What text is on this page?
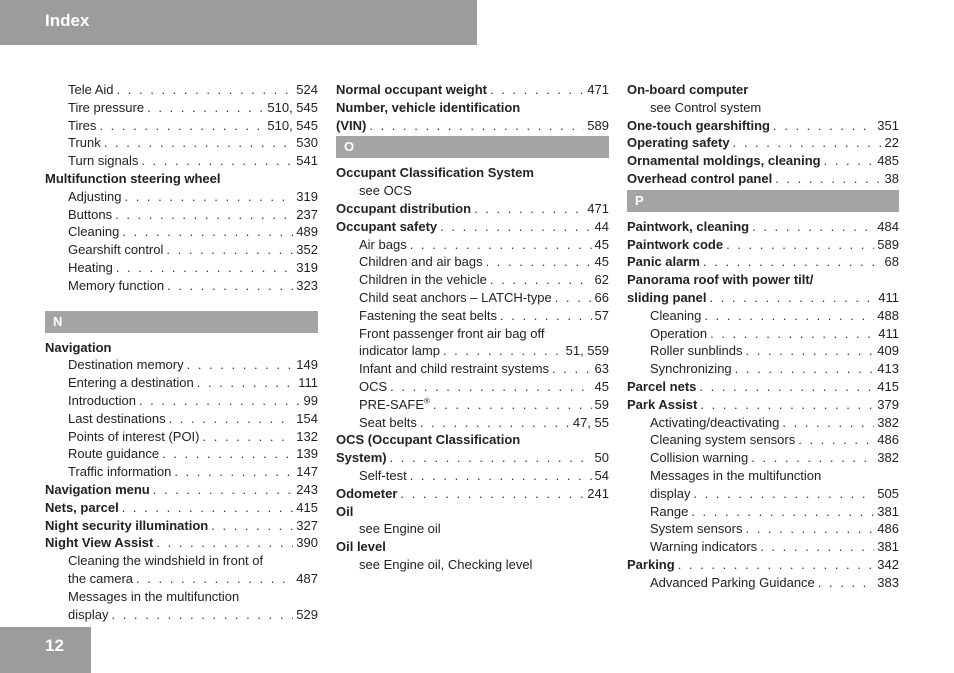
Index
Tele Aid . . .	524
Tire pressure . . .	510, 545
Tires . . .	510, 545
Trunk . . .	530
Turn signals . . .	541
Multifunction steering wheel
Adjusting . . .	319
Buttons . . .	237
Cleaning . . .	489
Gearshift control . . .	352
Heating . . .	319
Memory function . . .	323
N
Navigation
Destination memory . . .	149
Entering a destination . . .	111
Introduction . . .	99
Last destinations . . .	154
Points of interest (POI) . . .	132
Route guidance . . .	139
Traffic information . . .	147
Navigation menu . . .	243
Nets, parcel . . .	415
Night security illumination . . .	327
Night View Assist . . .	390
Cleaning the windshield in front of
the camera . . .	487
Messages in the multifunction
display . . .	529
Normal occupant weight . . .	471
Number, vehicle identification
(VIN) . . .	589
O
Occupant Classification System
see OCS
Occupant distribution . . .	471
Occupant safety . . .	44
Air bags . . .	45
Children and air bags . . .	45
Children in the vehicle . . .	62
Child seat anchors – LATCH-type . . .	66
Fastening the seat belts . . .	57
Front passenger front air bag off
indicator lamp . . .	51, 559
Infant and child restraint systems . . .	63
OCS . . .	45
PRE-SAFE® . . .	59
Seat belts . . .	47, 55
OCS (Occupant Classification
System) . . .	50
Self-test . . .	54
Odometer . . .	241
Oil
see Engine oil
Oil level
see Engine oil, Checking level
On-board computer
see Control system
One-touch gearshifting . . .	351
Operating safety . . .	22
Ornamental moldings, cleaning . . .	485
Overhead control panel . . .	38
P
Paintwork, cleaning . . .	484
Paintwork code . . .	589
Panic alarm . . .	68
Panorama roof with power tilt/
sliding panel . . .	411
Cleaning . . .	488
Operation . . .	411
Roller sunblinds . . .	409
Synchronizing . . .	413
Parcel nets . . .	415
Park Assist . . .	379
Activating/deactivating . . .	382
Cleaning system sensors . . .	486
Collision warning . . .	382
Messages in the multifunction
display . . .	505
Range . . .	381
System sensors . . .	486
Warning indicators . . .	381
Parking . . .	342
Advanced Parking Guidance . . .	383
12
